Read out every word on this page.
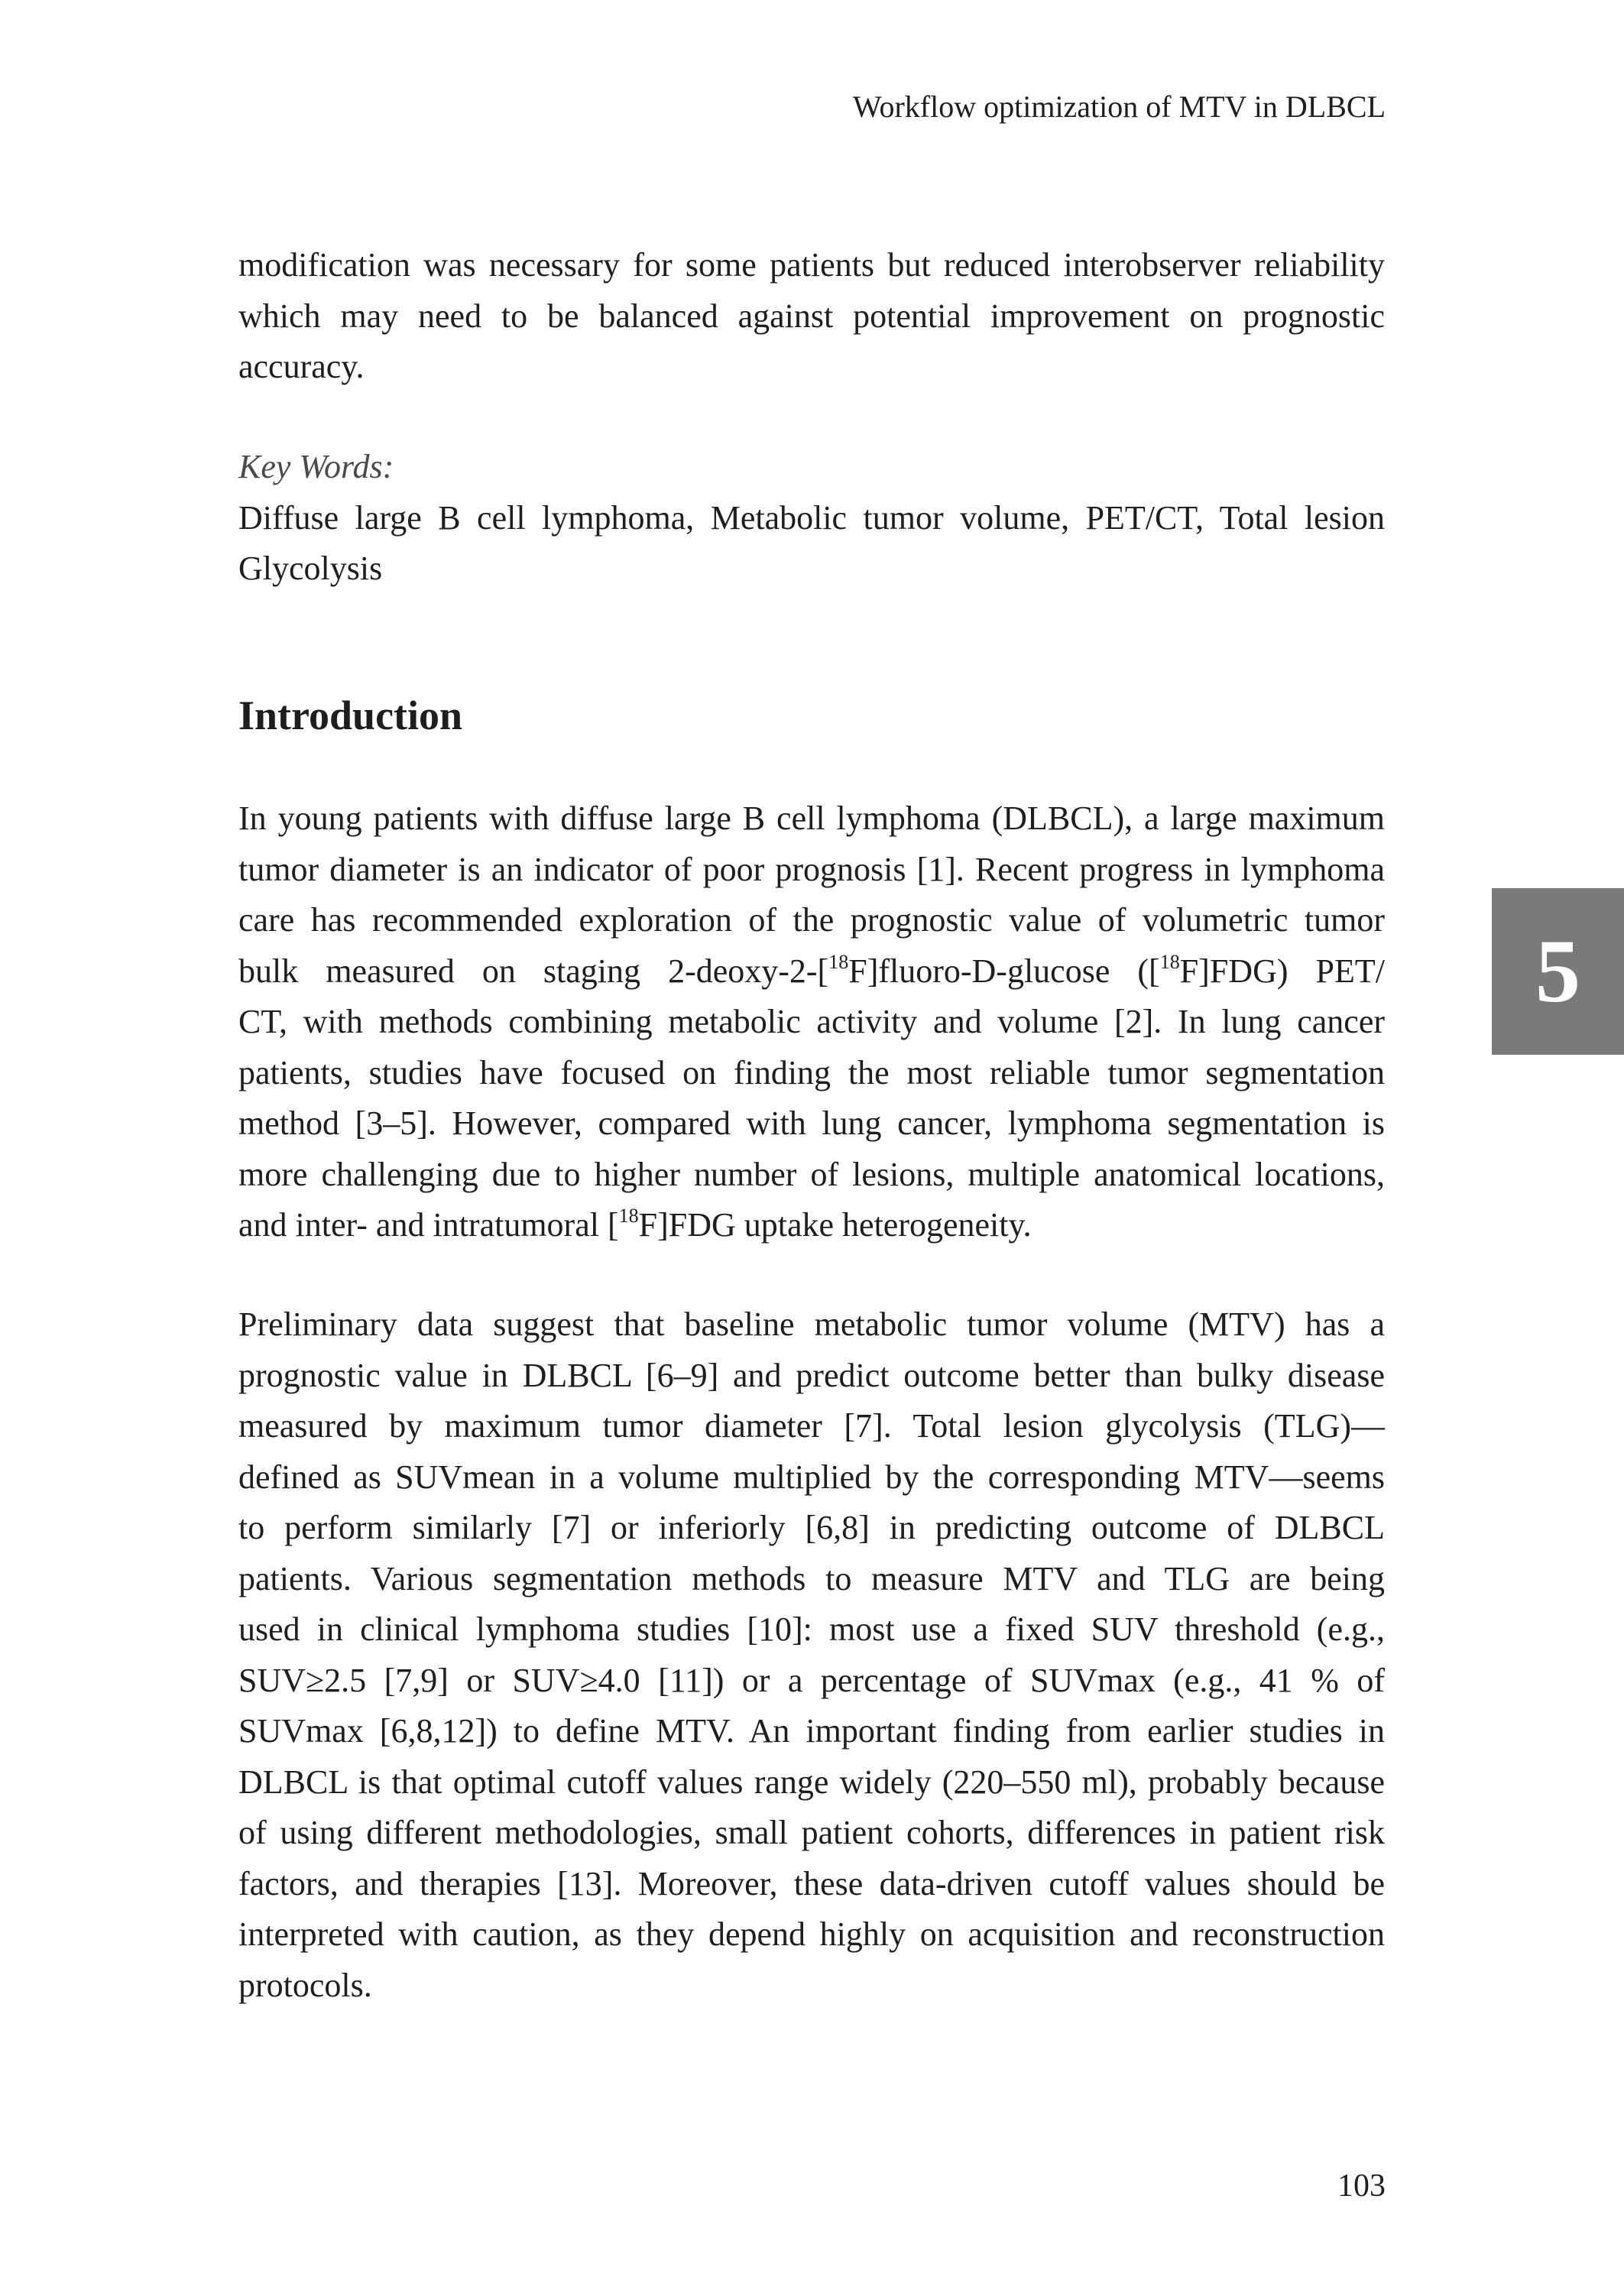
Workflow optimization of MTV in DLBCL
modification was necessary for some patients but reduced interobserver reliability
which may need to be balanced against potential improvement on prognostic
accuracy.
Key Words:
Diffuse large B cell lymphoma, Metabolic tumor volume, PET/CT, Total lesion
Glycolysis
Introduction
In young patients with diffuse large B cell lymphoma (DLBCL), a large maximum
tumor diameter is an indicator of poor prognosis [1]. Recent progress in lymphoma
care has recommended exploration of the prognostic value of volumetric tumor
bulk measured on staging 2-deoxy-2-[$^{18}$F]fluoro-D-glucose ([$^{18}$F]FDG) PET/
CT, with methods combining metabolic activity and volume [2]. In lung cancer
patients, studies have focused on finding the most reliable tumor segmentation
method [3–5]. However, compared with lung cancer, lymphoma segmentation is
more challenging due to higher number of lesions, multiple anatomical locations,
and inter- and intratumoral [$^{18}$F]FDG uptake heterogeneity.
Preliminary data suggest that baseline metabolic tumor volume (MTV) has a
prognostic value in DLBCL [6–9] and predict outcome better than bulky disease
measured by maximum tumor diameter [7]. Total lesion glycolysis (TLG)—
defined as SUVmean in a volume multiplied by the corresponding MTV—seems
to perform similarly [7] or inferiorly [6,8] in predicting outcome of DLBCL
patients. Various segmentation methods to measure MTV and TLG are being
used in clinical lymphoma studies [10]: most use a fixed SUV threshold (e.g.,
SUV≥2.5 [7,9] or SUV≥4.0 [11]) or a percentage of SUVmax (e.g., 41 % of
SUVmax [6,8,12]) to define MTV. An important finding from earlier studies in
DLBCL is that optimal cutoff values range widely (220–550 ml), probably because
of using different methodologies, small patient cohorts, differences in patient risk
factors, and therapies [13]. Moreover, these data-driven cutoff values should be
interpreted with caution, as they depend highly on acquisition and reconstruction
protocols.
5
103
